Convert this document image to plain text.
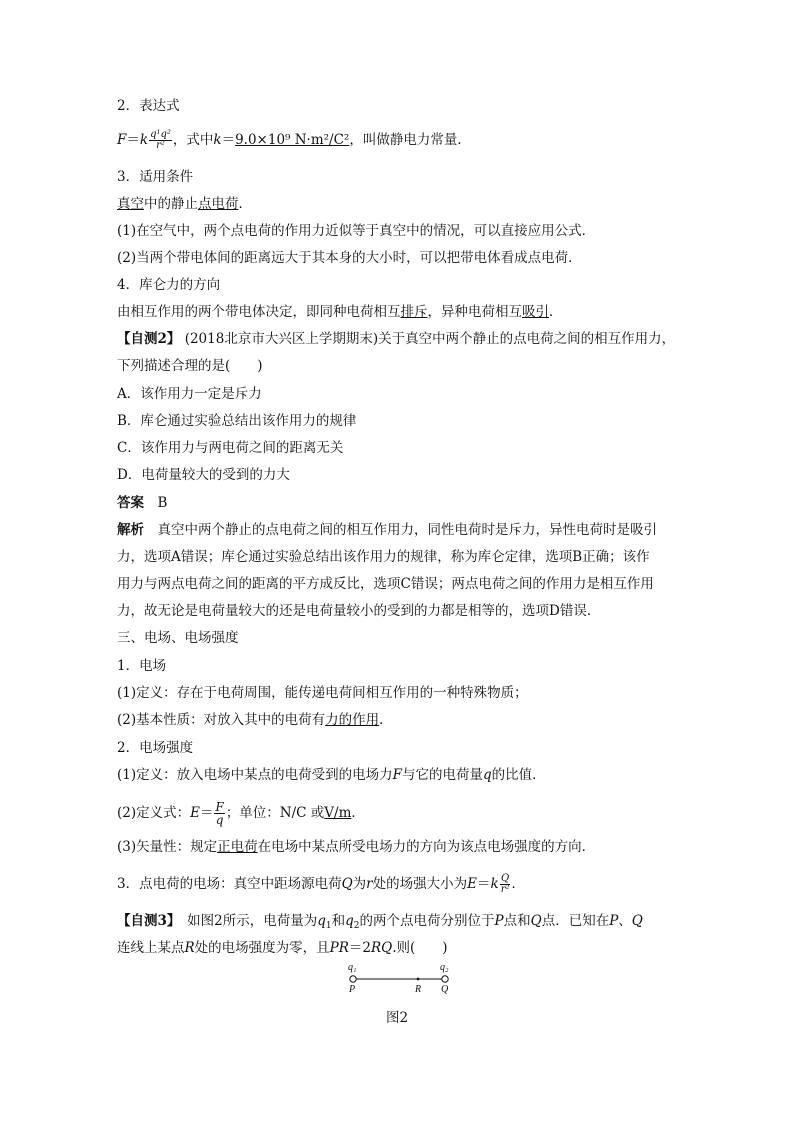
2．表达式
$F=k \frac{\text{q¹q²}}{\text{r²}}$ ，式中k＝9.0×10⁹ N·m²/C²，叫做静电力常量．
3．适用条件
真空中的静止点电荷．
(1)在空气中，两个点电荷的作用力近似等于真空中的情况，可以直接应用公式．
(2)当两个带电体间的距离远大于其本身的大小时，可以把带电体看成点电荷．
4．库仑力的方向
由相互作用的两个带电体决定，即同种电荷相互排斥，异种电荷相互吸引．
【自测2】 (2018北京市大兴区上学期期末)关于真空中两个静止的点电荷之间的相互作用力，
下列描述合理的是(　　)
A．该作用力一定是斥力
B．库仑通过实验总结出该作用力的规律
C．该作用力与两电荷之间的距离无关
D．电荷量较大的受到的力大
答案　 B
解析　 真空中两个静止的点电荷之间的相互作用力，同性电荷时是斥力，异性电荷时是吸引
力，选项A错误；库仑通过实验总结出该作用力的规律，称为库仑定律，选项B正确；该作
用力与两点电荷之间的距离的平方成反比，选项C错误；两点电荷之间的作用力是相互作用
力，故无论是电荷量较大的还是电荷量较小的受到的力都是相等的，选项D错误．
三、电场、电场强度
1．电场
(1)定义：存在于电荷周围，能传递电荷间相互作用的一种特殊物质；
(2)基本性质：对放入其中的电荷有力的作用．
2．电场强度
(1)定义：放入电场中某点的电荷受到的电场力F与它的电荷量q的比值．
(2)定义式：$E= \frac{F}{q}$ ；单位：N/C 或V/m．
(3)矢量性：规定正电荷在电场中某点所受电场力的方向为该点电场强度的方向．
3．点电荷的电场：真空中距场源电荷Q为r处的场强大小为$E=k \frac{Q}{\text{r²}}$ ．
【自测3】　如图2所示，电荷量为$q_1$和$q_2$的两个点电荷分别位于P点和Q点．已知在P、Q
连线上某点R处的电场强度为零，且PR＝2RQ.则(　　)
q₁	q₂
P	R Q
图2
